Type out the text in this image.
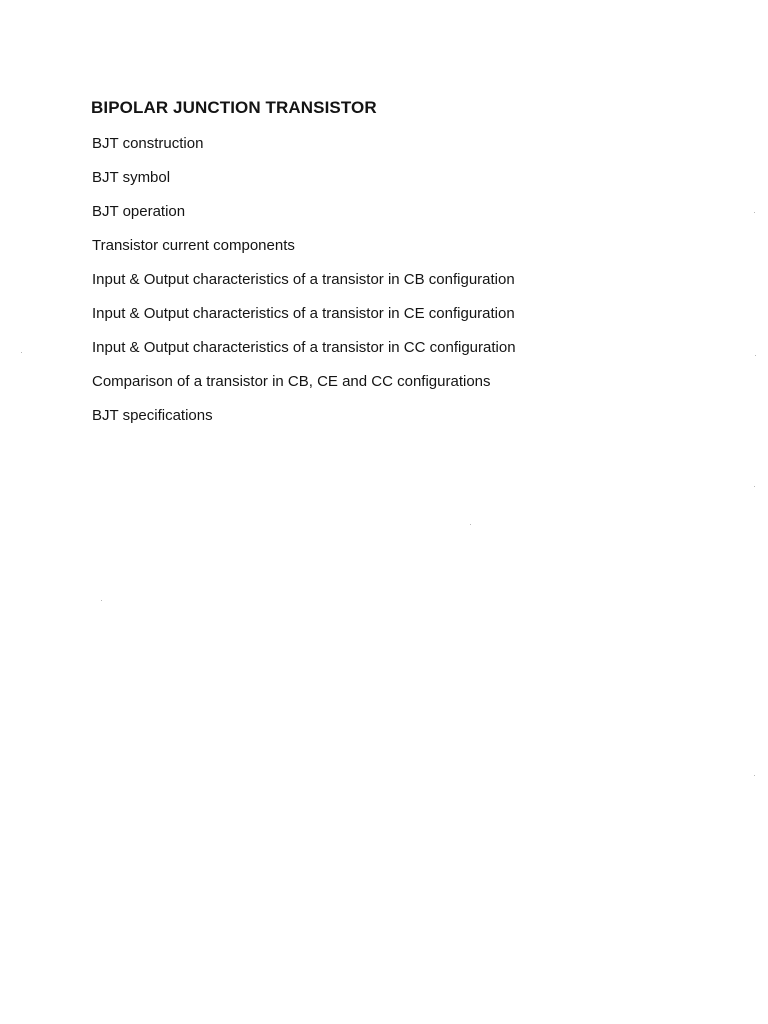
BIPOLAR JUNCTION TRANSISTOR
BJT construction
BJT symbol
BJT operation
Transistor current components
Input & Output characteristics of a transistor in CB configuration
Input & Output characteristics of a transistor in CE configuration
Input & Output characteristics of a transistor in CC configuration
Comparison of a transistor in CB, CE and CC configurations
BJT specifications
